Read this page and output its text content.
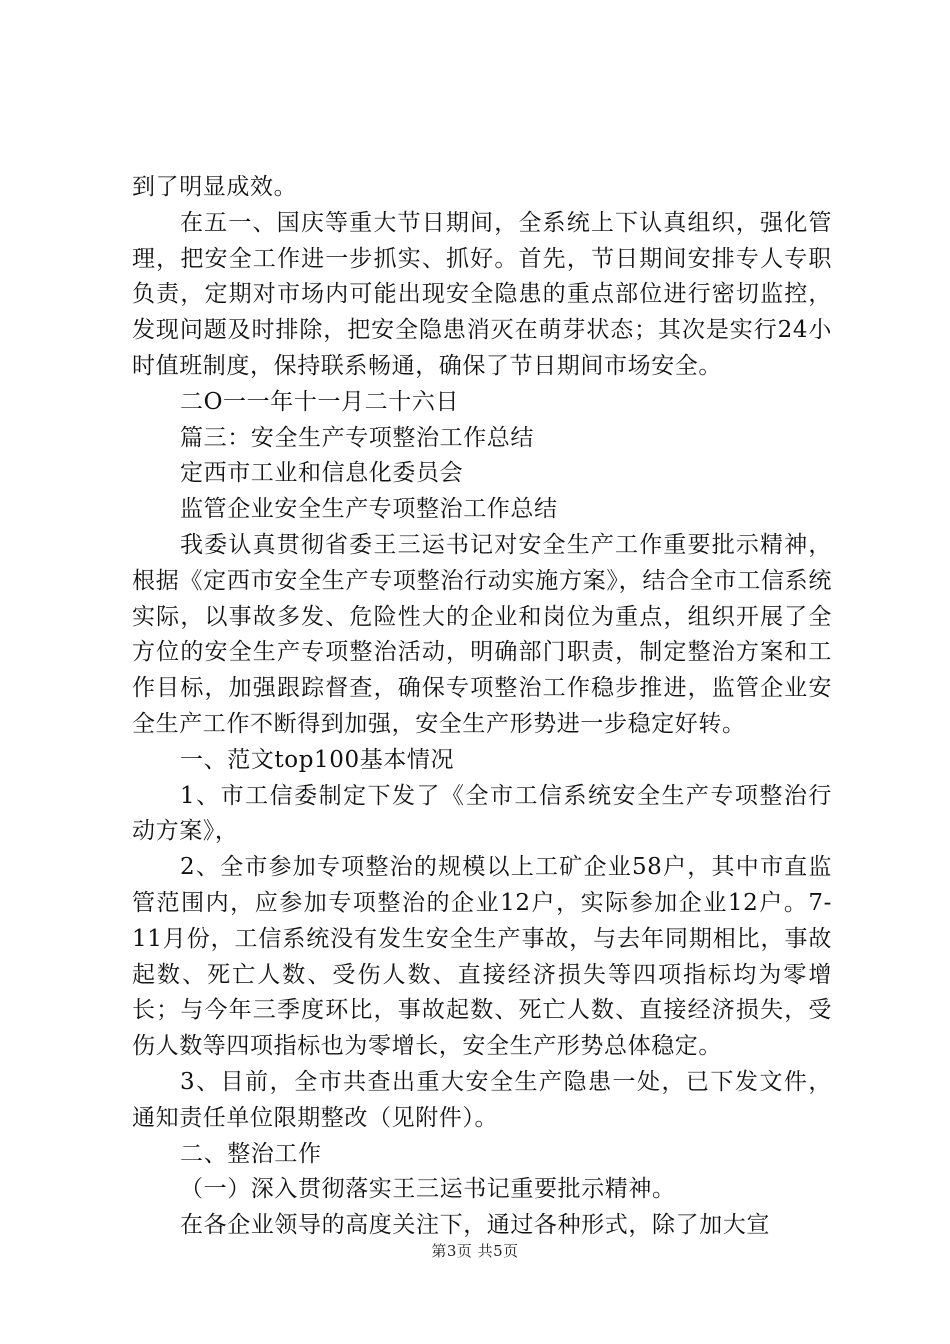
到了明显成效。

在五一、国庆等重大节日期间，全系统上下认真组织，强化管理，把安全工作进一步抓实、抓好。首先，节日期间安排专人专职负责，定期对市场内可能出现安全隐患的重点部位进行密切监控，发现问题及时排除，把安全隐患消灭在萌芽状态；其次是实行24小时值班制度，保持联系畅通，确保了节日期间市场安全。

二O一一年十一月二十六日

篇三：安全生产专项整治工作总结

定西市工业和信息化委员会

监管企业安全生产专项整治工作总结

我委认真贯彻省委王三运书记对安全生产工作重要批示精神，根据《定西市安全生产专项整治行动实施方案》，结合全市工信系统实际，以事故多发、危险性大的企业和岗位为重点，组织开展了全方位的安全生产专项整治活动，明确部门职责，制定整治方案和工作目标，加强跟踪督查，确保专项整治工作稳步推进，监管企业安全生产工作不断得到加强，安全生产形势进一步稳定好转。

一、范文top100基本情况

1、市工信委制定下发了《全市工信系统安全生产专项整治行动方案》，

2、全市参加专项整治的规模以上工矿企业58户，其中市直监管范围内，应参加专项整治的企业12户，实际参加企业12户。7-11月份，工信系统没有发生安全生产事故，与去年同期相比，事故起数、死亡人数、受伤人数、直接经济损失等四项指标均为零增长；与今年三季度环比，事故起数、死亡人数、直接经济损失，受伤人数等四项指标也为零增长，安全生产形势总体稳定。

3、目前，全市共查出重大安全生产隐患一处，已下发文件，通知责任单位限期整改（见附件）。

二、整治工作

（一）深入贯彻落实王三运书记重要批示精神。

在各企业领导的高度关注下，通过各种形式，除了加大宣

第3页 共5页
